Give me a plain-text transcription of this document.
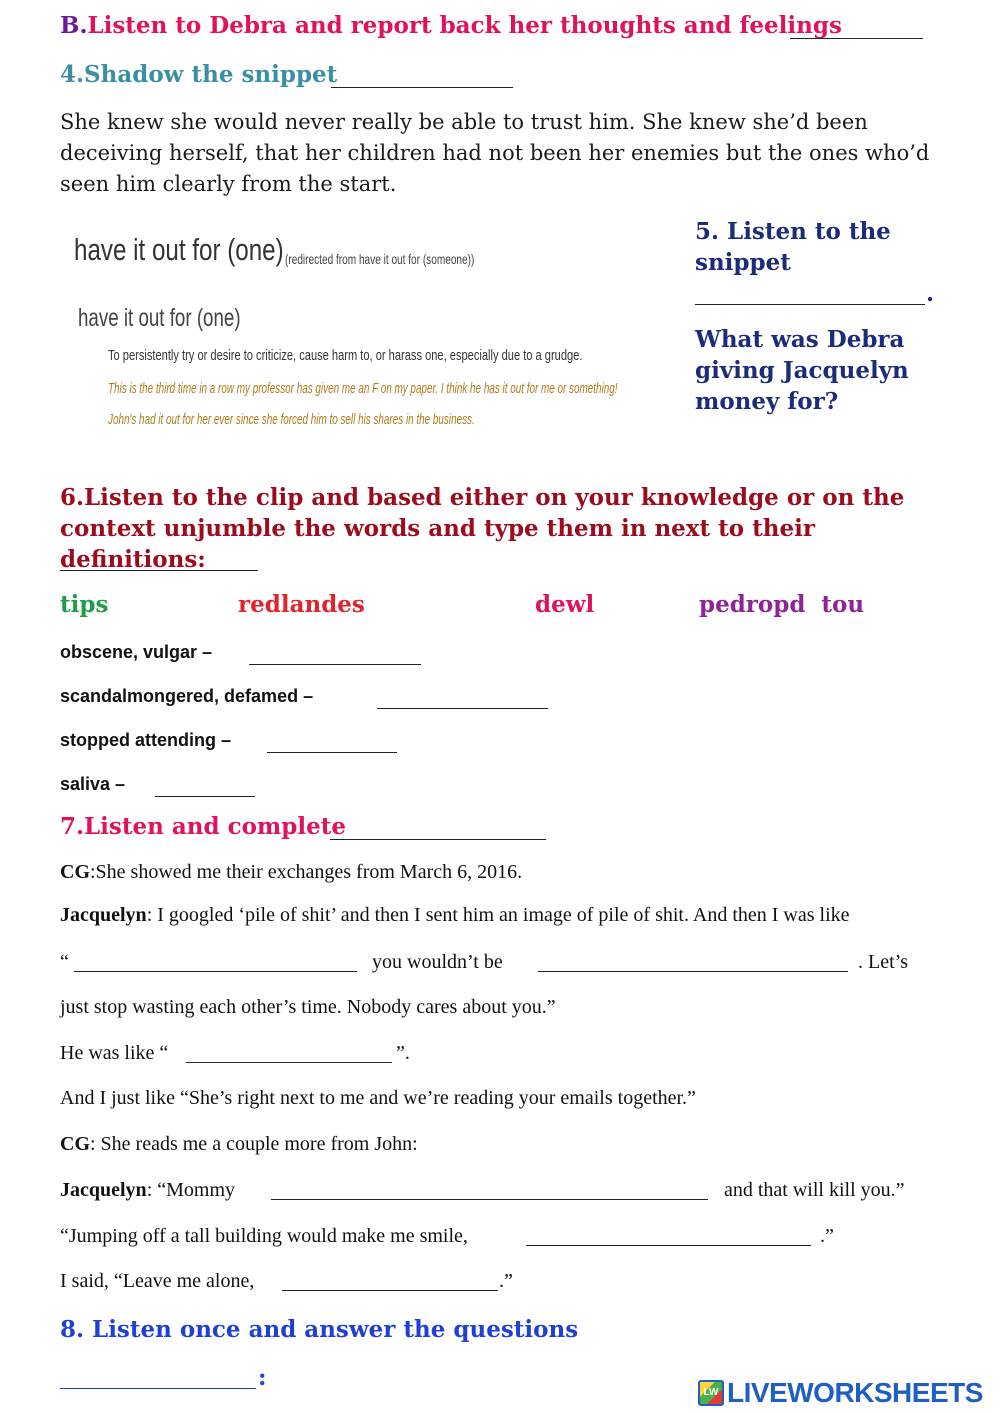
B.Listen to Debra and report back her thoughts and feelings
4.Shadow the snippet
She knew she would never really be able to trust him. She knew she’d been deceiving herself, that her children had not been her enemies but the ones who’d seen him clearly from the start.
have it out for (one) (redirected from have it out for (someone))
have it out for (one)
To persistently try or desire to criticize, cause harm to, or harass one, especially due to a grudge.
This is the third time in a row my professor has given me an F on my paper. I think he has it out for me or something!
John's had it out for her ever since she forced him to sell his shares in the business.
5. Listen to the snippet
.
What was Debra giving Jacquelyn money for?
6.Listen to the clip and based either on your knowledge or on the context unjumble the words and type them in next to their definitions:
tips	redlandes	dewl	pedropd  tou
obscene, vulgar –
scandalmongered, defamed –
stopped attending –
saliva –
7.Listen and complete
CG:She showed me their exchanges from March 6, 2016.
Jacquelyn: I googled ‘pile of shit’ and then I sent him an image of pile of shit. And then I was like
“	you wouldn’t be	. Let’s
just stop wasting each other’s time. Nobody cares about you.”
He was like “	”.
And I just like “She’s right next to me and we’re reading your emails together.”
CG: She reads me a couple more from John:
Jacquelyn: “Mommy	and that will kill you.”
“Jumping off a tall building would make me smile,	.”
I said, “Leave me alone,	.”
8. Listen once and answer the questions
:
LW LIVEWORKSHEETS
